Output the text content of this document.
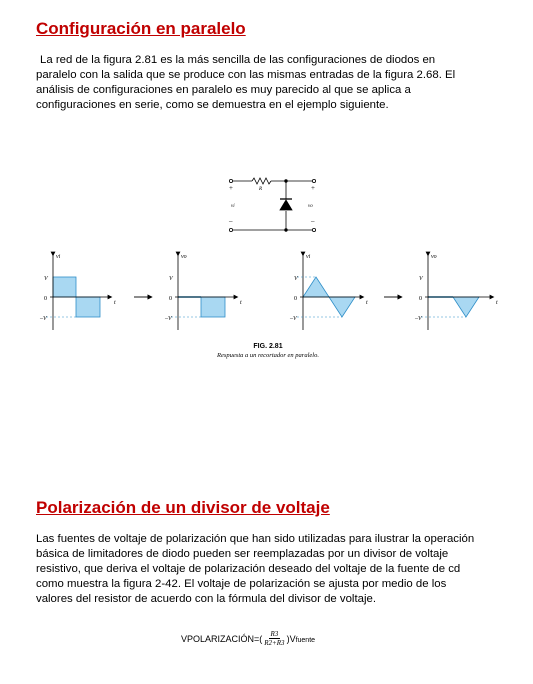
Configuración en paralelo

La red de la figura 2.81 es la más sencilla de las configuraciones de diodos en paralelo con la salida que se produce con las mismas entradas de la figura 2.68. El análisis de configuraciones en paralelo es muy parecido al que se aplica a configuraciones en serie, como se demuestra en el ejemplo siguiente.

+
–
+
–
R
vi	vo
vi
t
V
0
–V
vo
t
V
0
–V
vi
t
V
0
–V
vo
t
V
0
–V
FIG. 2.81
Respuesta a un recortador en paralelo.
Polarización de un divisor de voltaje

Las fuentes de voltaje de polarización que han sido utilizadas para ilustrar la operación básica de limitadores de diodo pueden ser reemplazadas por un divisor de voltaje resistivo, que deriva el voltaje de polarización deseado del voltaje de la fuente de cd como muestra la figura 2-42. El voltaje de polarización se ajusta por medio de los valores del resistor de acuerdo con la fórmula del divisor de voltaje.

VPOLARIZACIÓN= ( $\frac{R3}{R2+R3}$ ) V fuente
